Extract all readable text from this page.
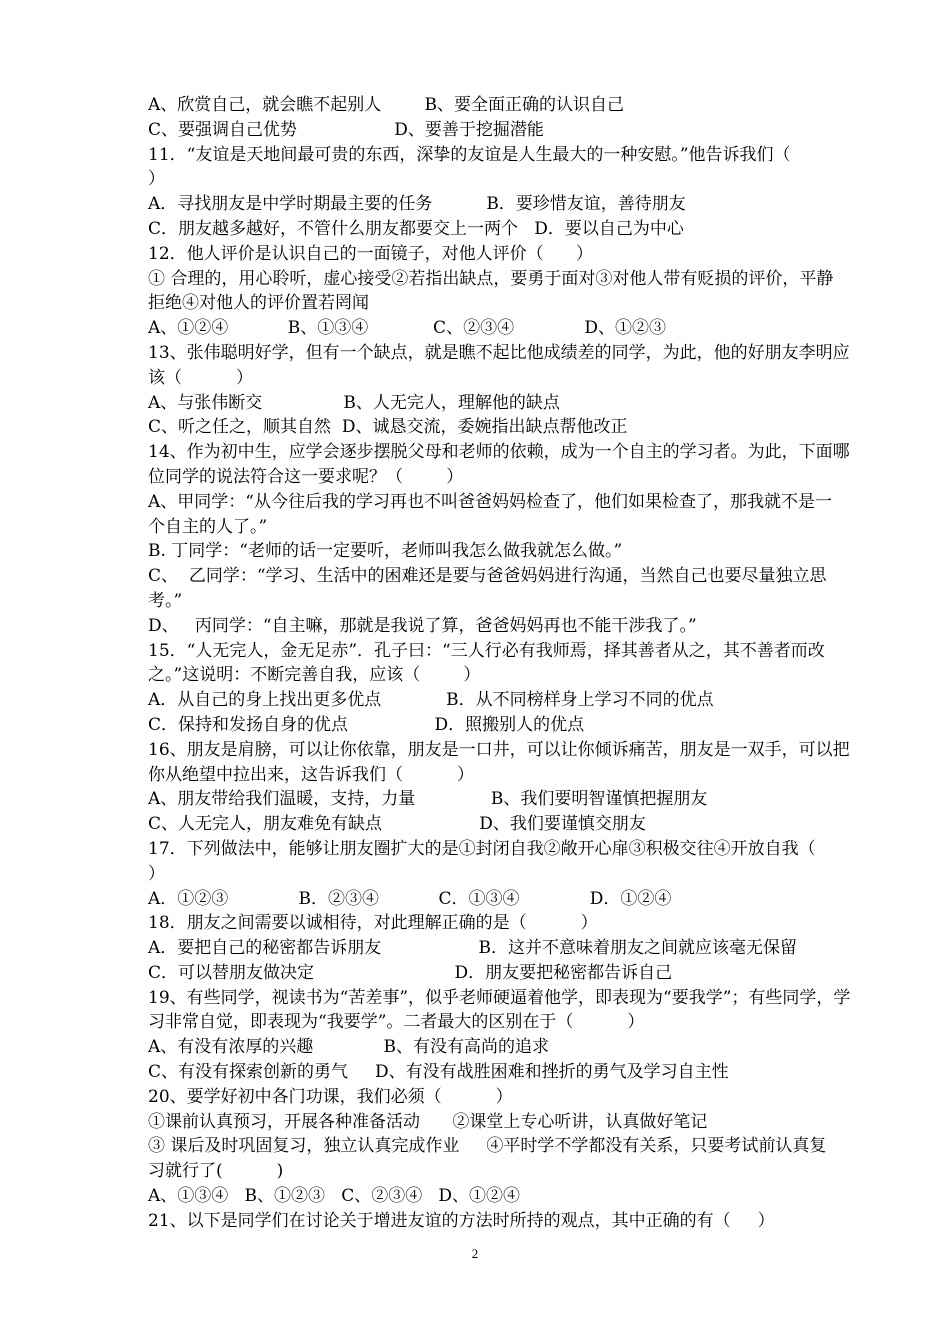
A、欣赏自己，就会瞧不起别人        B、要全面正确的认识自己
C、要强调自己优势                  D、要善于挖掘潜能
11．“友谊是天地间最可贵的东西，深挚的友谊是人生最大的一种安慰。”他告诉我们（
）
A．寻找朋友是中学时期最主要的任务          B．要珍惜友谊，善待朋友
C．朋友越多越好，不管什么朋友都要交上一两个   D．要以自己为中心
12．他人评价是认识自己的一面镜子，对他人评价（      ）
① 合理的，用心聆听，虚心接受②若指出缺点，要勇于面对③对他人带有贬损的评价，平静
拒绝④对他人的评价置若罔闻
A、①②④           B、①③④            C、②③④             D、①②③
13、张伟聪明好学，但有一个缺点，就是瞧不起比他成绩差的同学，为此，他的好朋友李明应
该（          ）
A、与张伟断交               B、人无完人，理解他的缺点
C、听之任之，顺其自然  D、诚恳交流，委婉指出缺点帮他改正
14、作为初中生，应学会逐步摆脱父母和老师的依赖，成为一个自主的学习者。为此，下面哪
位同学的说法符合这一要求呢？（        ）
A、甲同学：“从今往后我的学习再也不叫爸爸妈妈检查了，他们如果检查了，那我就不是一
个自主的人了。”
B. 丁同学：“老师的话一定要听，老师叫我怎么做我就怎么做。”
C、  乙同学：“学习、生活中的困难还是要与爸爸妈妈进行沟通，当然自己也要尽量独立思
考。”
D、   丙同学：“自主嘛，那就是我说了算，爸爸妈妈再也不能干涉我了。”
15．“人无完人，金无足赤”．孔子曰：“三人行必有我师焉，择其善者从之，其不善者而改
之。”这说明：不断完善自我，应该（        ）
A．从自己的身上找出更多优点            B．从不同榜样身上学习不同的优点
C．保持和发扬自身的优点                D．照搬别人的优点
16、朋友是肩膀，可以让你依靠，朋友是一口井，可以让你倾诉痛苦，朋友是一双手，可以把
你从绝望中拉出来，这告诉我们（          ）
A、朋友带给我们温暖，支持，力量              B、我们要明智谨慎把握朋友
C、人无完人，朋友难免有缺点                  D、我们要谨慎交朋友
17．下列做法中，能够让朋友圈扩大的是①封闭自我②敞开心扉③积极交往④开放自我（
）
A．①②③             B．②③④           C．①③④             D．①②④
18．朋友之间需要以诚相待，对此理解正确的是（          ）
A．要把自己的秘密都告诉朋友                  B．这并不意味着朋友之间就应该毫无保留
C．可以替朋友做决定                          D．朋友要把秘密都告诉自己
19、有些同学，视读书为“苦差事”，似乎老师硬逼着他学，即表现为“要我学”；有些同学，学
习非常自觉，即表现为“我要学”。二者最大的区别在于（          ）
A、有没有浓厚的兴趣             B、有没有高尚的追求
C、有没有探索创新的勇气     D、有没有战胜困难和挫折的勇气及学习自主性
20、要学好初中各门功课，我们必须（          ）
①课前认真预习，开展各种准备活动      ②课堂上专心听讲，认真做好笔记
③ 课后及时巩固复习，独立认真完成作业     ④平时学不学都没有关系，只要考试前认真复
习就行了(          )
A、①③④   B、①②③   C、②③④   D、①②④
21、以下是同学们在讨论关于增进友谊的方法时所持的观点，其中正确的有（     ）
2
